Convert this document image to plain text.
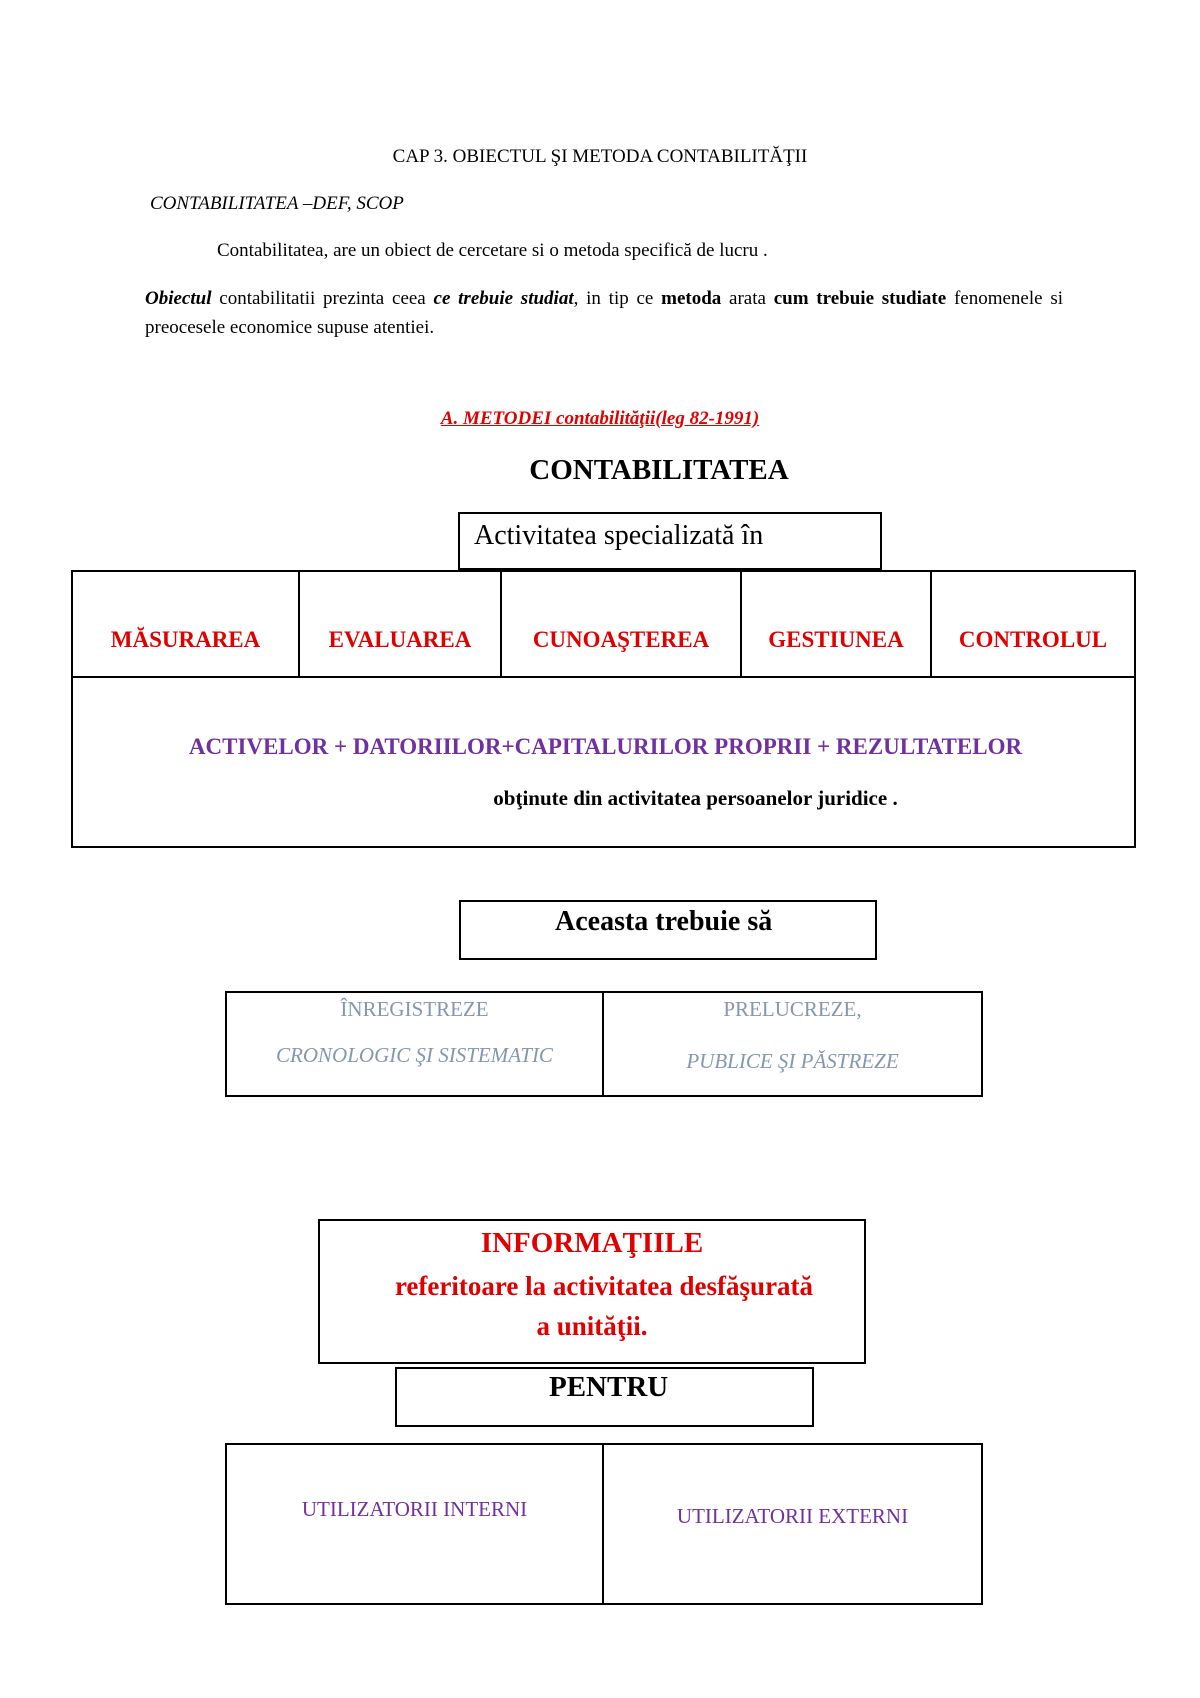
CAP 3. OBIECTUL ŞI METODA CONTABILITĂŢII
CONTABILITATEA –DEF, SCOP
Contabilitatea, are un obiect de cercetare si o metoda specifică de lucru .
Obiectul contabilitatii prezinta ceea ce trebuie studiat, in tip ce metoda arata cum trebuie studiate fenomenele si preocesele economice supuse atentiei.
A. METODEI contabilităţii(leg 82-1991)
CONTABILITATEA
Activitatea specializată în
MĂSURAREA	EVALUAREA	CUNOAŞTEREA	GESTIUNEA	CONTROLUL
ACTIVELOR + DATORIILOR+CAPITALURILOR PROPRII + REZULTATELOR
obţinute din activitatea persoanelor juridice .
Aceasta trebuie să
ÎNREGISTREZE
CRONOLOGIC ŞI SISTEMATIC
PRELUCREZE,
PUBLICE ŞI PĂSTREZE
INFORMAŢIILE
referitoare la activitatea desfăşurată
a unităţii.
PENTRU
UTILIZATORII INTERNI	UTILIZATORII EXTERNI
